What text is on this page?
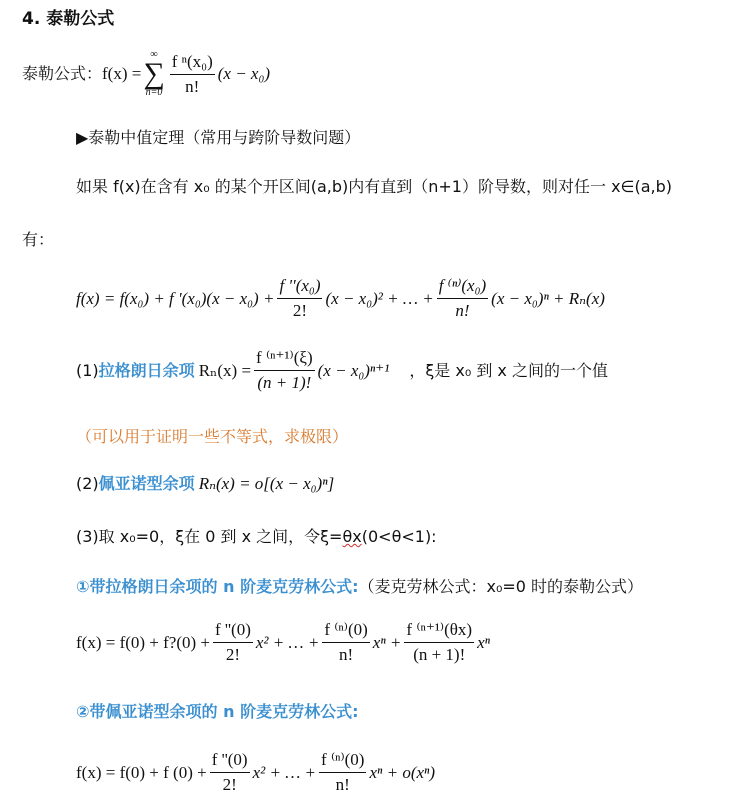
4. 泰勒公式
泰勒公式： f(x) =
∞
∑
$n=0 \frac{\text{f ⁿ(x₀)}}{n!} (x - x_0)$
▶泰勒中值定理（常用与跨阶导数问题）
如果 f(x)在含有 x₀ 的某个开区间(a,b)内有直到（n+1）阶导数，则对任一 x∈(a,b)
有：
f(x) = f(x₀) + f '$(x_0)(x - x_0) + \frac{\text{f ''(x₀)}}{2!} (x - x_0)^2$ + … + $\frac{\text{f ⁽ⁿ⁾(x₀)}}{n!} (x - x_0)^n + R_n(x)$
(1) 拉格朗日余项 $R_n(x) = \frac{\text{f ⁽ⁿ⁺¹⁾(ξ)}}{(n + 1)!} (x - x_0)^{n+1}$ ，ξ是 x₀ 到 x 之间的一个值
（可以用于证明一些不等式，求极限）
(2) 佩亚诺型余项 Rₙ(x) = o[(x − x₀)ⁿ]
(3)取 x₀=0，ξ在 0 到 x 之间，令ξ=θx(0<θ<1):
①带拉格朗日余项的 n 阶麦克劳林公式:（麦克劳林公式：x₀=0 时的泰勒公式）
f(x) = f(0) + f?(0) + $\frac{f ''(0)}{2!} x^2$ + … + $\frac{\text{f ⁽ⁿ⁾(0)}}{n!}$ $x^n + \frac{\text{f ⁽ⁿ⁺¹⁾(θx)}}{(n + 1)!}$ xⁿ
②带佩亚诺型余项的 n 阶麦克劳林公式:
f(x) = f(0) + f $(0) + \frac{f ''(0)}{2!} x^2$ + … + $\frac{\text{f ⁽ⁿ⁾(0)}}{n!}$ xⁿ + o(xⁿ)
